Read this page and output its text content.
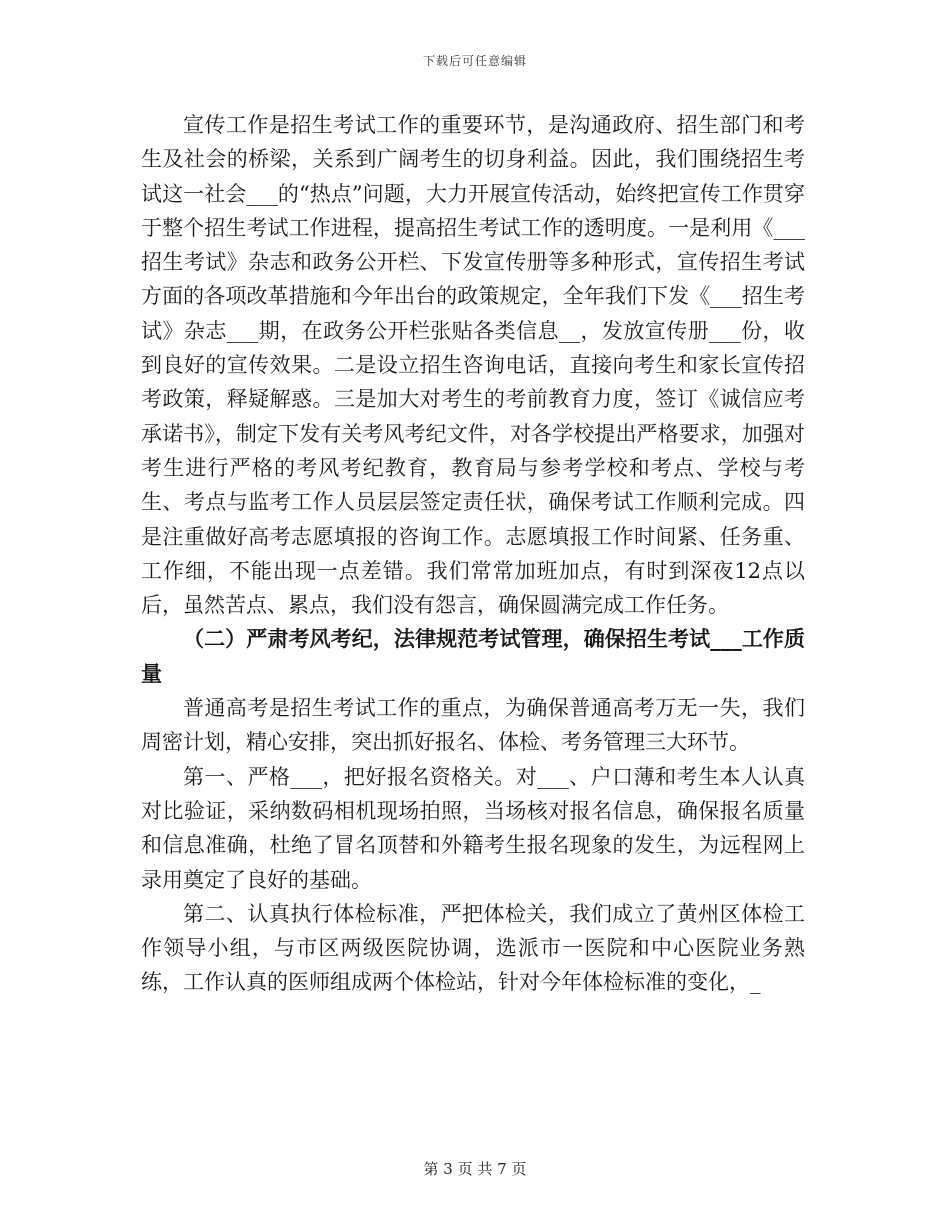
下载后可任意编辑

宣传工作是招生考试工作的重要环节，是沟通政府、招生部门和考生及社会的桥梁，关系到广阔考生的切身利益。因此，我们围绕招生考试这一社会___的“热点”问题，大力开展宣传活动，始终把宣传工作贯穿于整个招生考试工作进程，提高招生考试工作的透明度。一是利用《___招生考试》杂志和政务公开栏、下发宣传册等多种形式，宣传招生考试方面的各项改革措施和今年出台的政策规定，全年我们下发《___招生考试》杂志___期，在政务公开栏张贴各类信息__，发放宣传册___份，收到良好的宣传效果。二是设立招生咨询电话，直接向考生和家长宣传招考政策，释疑解惑。三是加大对考生的考前教育力度，签订《诚信应考承诺书》，制定下发有关考风考纪文件，对各学校提出严格要求，加强对考生进行严格的考风考纪教育，教育局与参考学校和考点、学校与考生、考点与监考工作人员层层签定责任状，确保考试工作顺利完成。四是注重做好高考志愿填报的咨询工作。志愿填报工作时间紧、任务重、工作细，不能出现一点差错。我们常常加班加点，有时到深夜12点以后，虽然苦点、累点，我们没有怨言，确保圆满完成工作任务。

（二）严肃考风考纪，法律规范考试管理，确保招生考试___工作质量

普通高考是招生考试工作的重点，为确保普通高考万无一失，我们周密计划，精心安排，突出抓好报名、体检、考务管理三大环节。

第一、严格___，把好报名资格关。对___、户口薄和考生本人认真对比验证，采纳数码相机现场拍照，当场核对报名信息，确保报名质量和信息准确，杜绝了冒名顶替和外籍考生报名现象的发生，为远程网上录用奠定了良好的基础。

第二、认真执行体检标准，严把体检关，我们成立了黄州区体检工作领导小组，与市区两级医院协调，选派市一医院和中心医院业务熟练，工作认真的医师组成两个体检站，针对今年体检标准的变化，_

第 3 页 共 7 页
